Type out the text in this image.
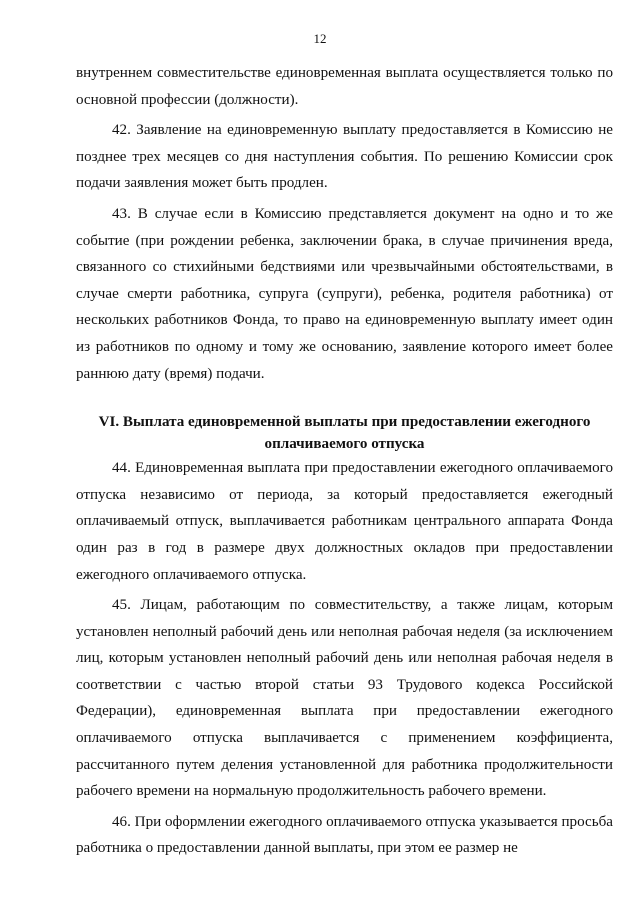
12

внутреннем совместительстве единовременная выплата осуществляется только по основной профессии (должности).

42. Заявление на единовременную выплату предоставляется в Комиссию не позднее трех месяцев со дня наступления события. По решению Комиссии срок подачи заявления может быть продлен.

43. В случае если в Комиссию представляется документ на одно и то же событие (при рождении ребенка, заключении брака, в случае причинения вреда, связанного со стихийными бедствиями или чрезвычайными обстоятельствами, в случае смерти работника, супруга (супруги), ребенка, родителя работника) от нескольких работников Фонда, то право на единовременную выплату имеет один из работников по одному и тому же основанию, заявление которого имеет более раннюю дату (время) подачи.

VI. Выплата единовременной выплаты при предоставлении ежегодного
оплачиваемого отпуска

44. Единовременная выплата при предоставлении ежегодного оплачиваемого отпуска независимо от периода, за который предоставляется ежегодный оплачиваемый отпуск, выплачивается работникам центрального аппарата Фонда один раз в год в размере двух должностных окладов при предоставлении ежегодного оплачиваемого отпуска.

45. Лицам, работающим по совместительству, а также лицам, которым установлен неполный рабочий день или неполная рабочая неделя (за исключением лиц, которым установлен неполный рабочий день или неполная рабочая неделя в соответствии с частью второй статьи 93 Трудового кодекса Российской Федерации), единовременная выплата при предоставлении ежегодного оплачиваемого отпуска выплачивается с применением коэффициента, рассчитанного путем деления установленной для работника продолжительности рабочего времени на нормальную продолжительность рабочего времени.

46. При оформлении ежегодного оплачиваемого отпуска указывается просьба работника о предоставлении данной выплаты, при этом ее размер не
